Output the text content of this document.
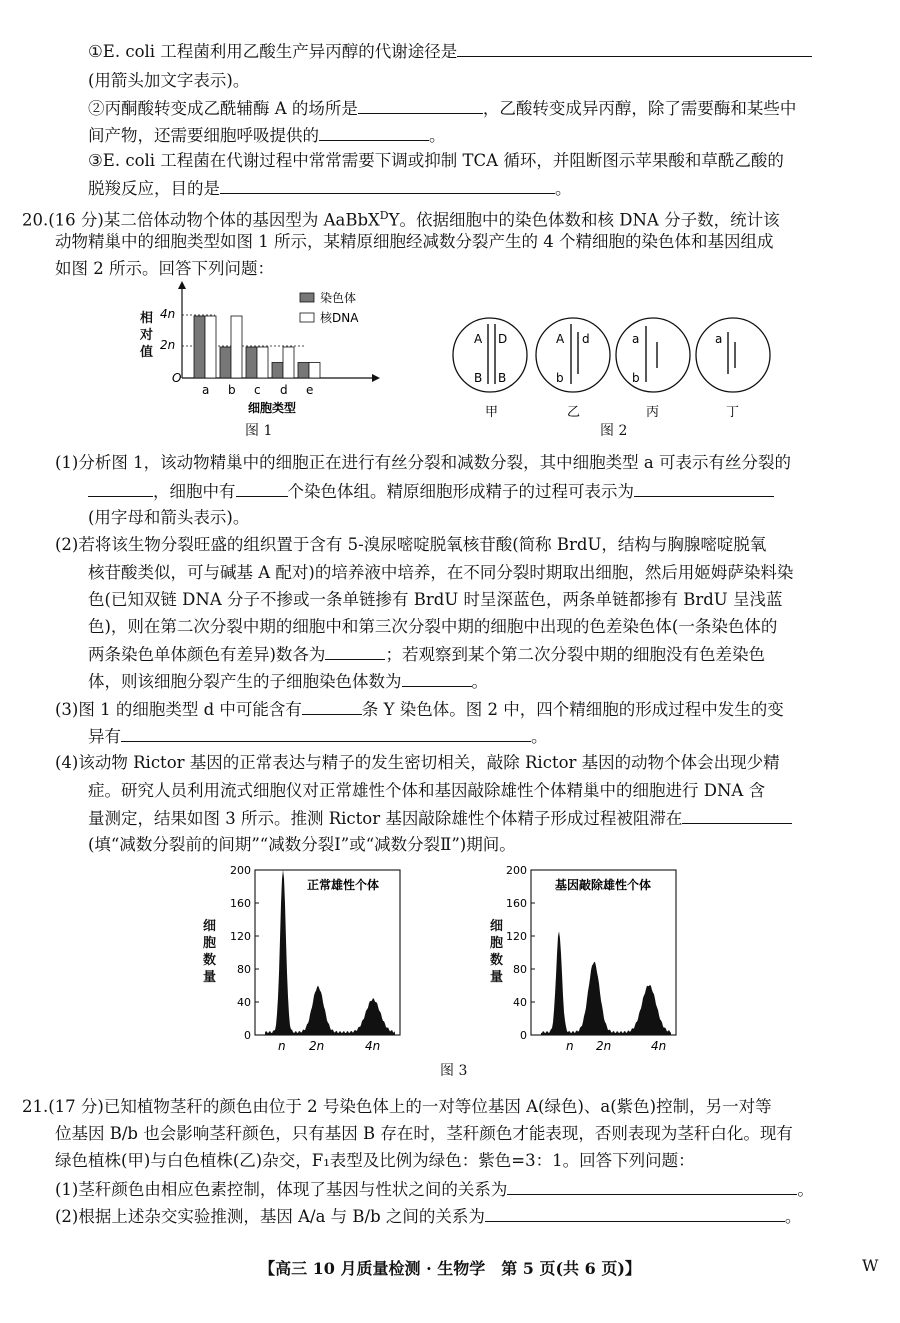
①E. coli 工程菌利用乙酸生产异丙醇的代谢途径是
(用箭头加文字表示)。
②丙酮酸转变成乙酰辅酶 A 的场所是	，乙酸转变成异丙醇，除了需要酶和某些中
间产物，还需要细胞呼吸提供的	。
③E. coli 工程菌在代谢过程中常常需要下调或抑制 TCA 循环，并阻断图示苹果酸和草酰乙酸的
脱羧反应，目的是	。
20.(16 分)某二倍体动物个体的基因型为 AaBbX$^D$Y。依据细胞中的染色体数和核 DNA 分子数，统计该
动物精巢中的细胞类型如图 1 所示，某精原细胞经减数分裂产生的 4 个精细胞的染色体和基因组成
如图 2 所示。回答下列问题：
O
2n
4n
a b c d e
染色体
核DNA
细胞类型
相对值
图 1
A D
B B
甲
A d
b
乙
a
b
丙
a
丁
图 2
(1)分析图 1，该动物精巢中的细胞正在进行有丝分裂和减数分裂，其中细胞类型 a 可表示有丝分裂的
，细胞中有	个染色体组。精原细胞形成精子的过程可表示为
(用字母和箭头表示)。
(2)若将该生物分裂旺盛的组织置于含有 5-溴尿嘧啶脱氧核苷酸(简称 BrdU，结构与胸腺嘧啶脱氧
核苷酸类似，可与碱基 A 配对)的培养液中培养，在不同分裂时期取出细胞，然后用姬姆萨染料染
色(已知双链 DNA 分子不掺或一条单链掺有 BrdU 时呈深蓝色，两条单链都掺有 BrdU 呈浅蓝
色)，则在第二次分裂中期的细胞中和第三次分裂中期的细胞中出现的色差染色体(一条染色体的
两条染色单体颜色有差异)数各为	；若观察到某个第二次分裂中期的细胞没有色差染色
体，则该细胞分裂产生的子细胞染色体数为	。
(3)图 1 的细胞类型 d 中可能含有	条 Y 染色体。图 2 中，四个精细胞的形成过程中发生的变
异有	。
(4)该动物 Rictor 基因的正常表达与精子的发生密切相关，敲除 Rictor 基因的动物个体会出现少精
症。研究人员利用流式细胞仪对正常雄性个体和基因敲除雄性个体精巢中的细胞进行 DNA 含
量测定，结果如图 3 所示。推测 Rictor 基因敲除雄性个体精子形成过程被阻滞在
(填“减数分裂前的间期”“减数分裂Ⅰ”或“减数分裂Ⅱ”)期间。
正常雄性个体
0
40
80
120
160
200
n 2n	4n
基因敲除雄性个体
0
40
80
120
160
200
n 2n	4n
细胞数量
细胞数量
图 3
21.(17 分)已知植物茎秆的颜色由位于 2 号染色体上的一对等位基因 A(绿色)、a(紫色)控制，另一对等
位基因 B/b 也会影响茎秆颜色，只有基因 B 存在时，茎秆颜色才能表现，否则表现为茎秆白化。现有
绿色植株(甲)与白色植株(乙)杂交，F₁表型及比例为绿色：紫色=3：1。回答下列问题：
(1)茎秆颜色由相应色素控制，体现了基因与性状之间的关系为	。
(2)根据上述杂交实验推测，基因 A/a 与 B/b 之间的关系为	。
【高三 10 月质量检测 · 生物学　第 5 页(共 6 页)】	W
